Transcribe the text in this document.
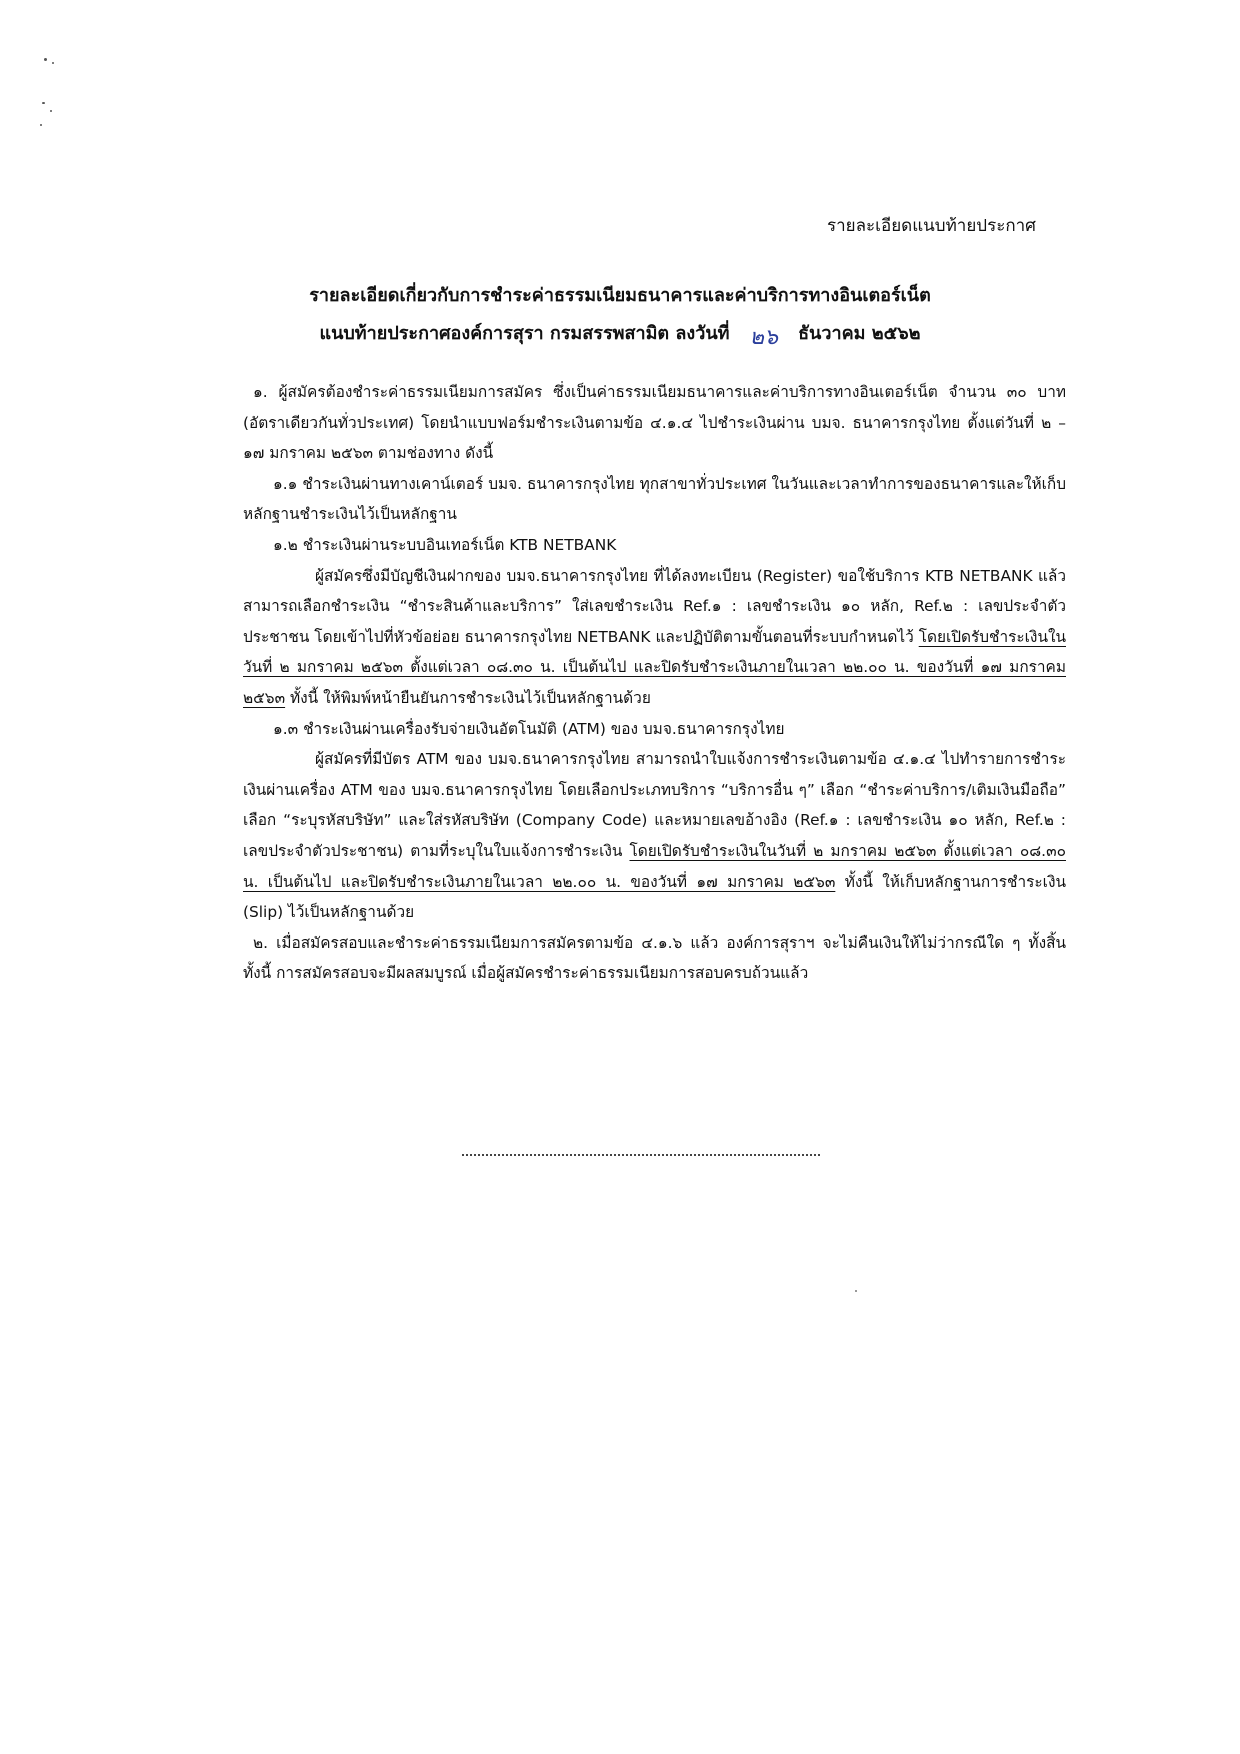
รายละเอียดแนบท้ายประกาศ
รายละเอียดเกี่ยวกับการชำระค่าธรรมเนียมธนาคารและค่าบริการทางอินเตอร์เน็ต
แนบท้ายประกาศองค์การสุรา กรมสรรพสามิต ลงวันที่ ๒๖ ธันวาคม ๒๕๖๒

๑. ผู้สมัครต้องชำระค่าธรรมเนียมการสมัคร ซึ่งเป็นค่าธรรมเนียมธนาคารและค่าบริการทางอินเตอร์เน็ต จำนวน ๓๐ บาท (อัตราเดียวกันทั่วประเทศ) โดยนำแบบฟอร์มชำระเงินตามข้อ ๔.๑.๔ ไปชำระเงินผ่าน บมจ. ธนาคารกรุงไทย ตั้งแต่วันที่ ๒ – ๑๗ มกราคม ๒๕๖๓ ตามช่องทาง ดังนี้

๑.๑ ชำระเงินผ่านทางเคาน์เตอร์ บมจ. ธนาคารกรุงไทย ทุกสาขาทั่วประเทศ ในวันและเวลาทำการของธนาคารและให้เก็บหลักฐานชำระเงินไว้เป็นหลักฐาน

๑.๒ ชำระเงินผ่านระบบอินเทอร์เน็ต KTB NETBANK

ผู้สมัครซึ่งมีบัญชีเงินฝากของ บมจ.ธนาคารกรุงไทย ที่ได้ลงทะเบียน (Register) ขอใช้บริการ KTB NETBANK แล้วสามารถเลือกชำระเงิน “ชำระสินค้าและบริการ” ใส่เลขชำระเงิน Ref.๑ : เลขชำระเงิน ๑๐ หลัก, Ref.๒ : เลขประจำตัวประชาชน โดยเข้าไปที่หัวข้อย่อย ธนาคารกรุงไทย NETBANK และปฏิบัติตามขั้นตอนที่ระบบกำหนดไว้ โดยเปิดรับชำระเงินในวันที่ ๒ มกราคม ๒๕๖๓ ตั้งแต่เวลา ๐๘.๓๐ น. เป็นต้นไป และปิดรับชำระเงินภายในเวลา ๒๒.๐๐ น. ของวันที่ ๑๗ มกราคม ๒๕๖๓ ทั้งนี้ ให้พิมพ์หน้ายืนยันการชำระเงินไว้เป็นหลักฐานด้วย

๑.๓ ชำระเงินผ่านเครื่องรับจ่ายเงินอัตโนมัติ (ATM) ของ บมจ.ธนาคารกรุงไทย

ผู้สมัครที่มีบัตร ATM ของ บมจ.ธนาคารกรุงไทย สามารถนำใบแจ้งการชำระเงินตามข้อ ๔.๑.๔ ไปทำรายการชำระเงินผ่านเครื่อง ATM ของ บมจ.ธนาคารกรุงไทย โดยเลือกประเภทบริการ “บริการอื่น ๆ” เลือก “ชำระค่าบริการ/เติมเงินมือถือ” เลือก “ระบุรหัสบริษัท” และใส่รหัสบริษัท (Company Code) และหมายเลขอ้างอิง (Ref.๑ : เลขชำระเงิน ๑๐ หลัก, Ref.๒ : เลขประจำตัวประชาชน) ตามที่ระบุในใบแจ้งการชำระเงิน โดยเปิดรับชำระเงินในวันที่ ๒ มกราคม ๒๕๖๓ ตั้งแต่เวลา ๐๘.๓๐ น. เป็นต้นไป และปิดรับชำระเงินภายในเวลา ๒๒.๐๐ น. ของวันที่ ๑๗ มกราคม ๒๕๖๓ ทั้งนี้ ให้เก็บหลักฐานการชำระเงิน (Slip) ไว้เป็นหลักฐานด้วย

๒. เมื่อสมัครสอบและชำระค่าธรรมเนียมการสมัครตามข้อ ๔.๑.๖ แล้ว องค์การสุราฯ จะไม่คืนเงินให้ไม่ว่ากรณีใด ๆ ทั้งสิ้น ทั้งนี้ การสมัครสอบจะมีผลสมบูรณ์ เมื่อผู้สมัครชำระค่าธรรมเนียมการสอบครบถ้วนแล้ว
